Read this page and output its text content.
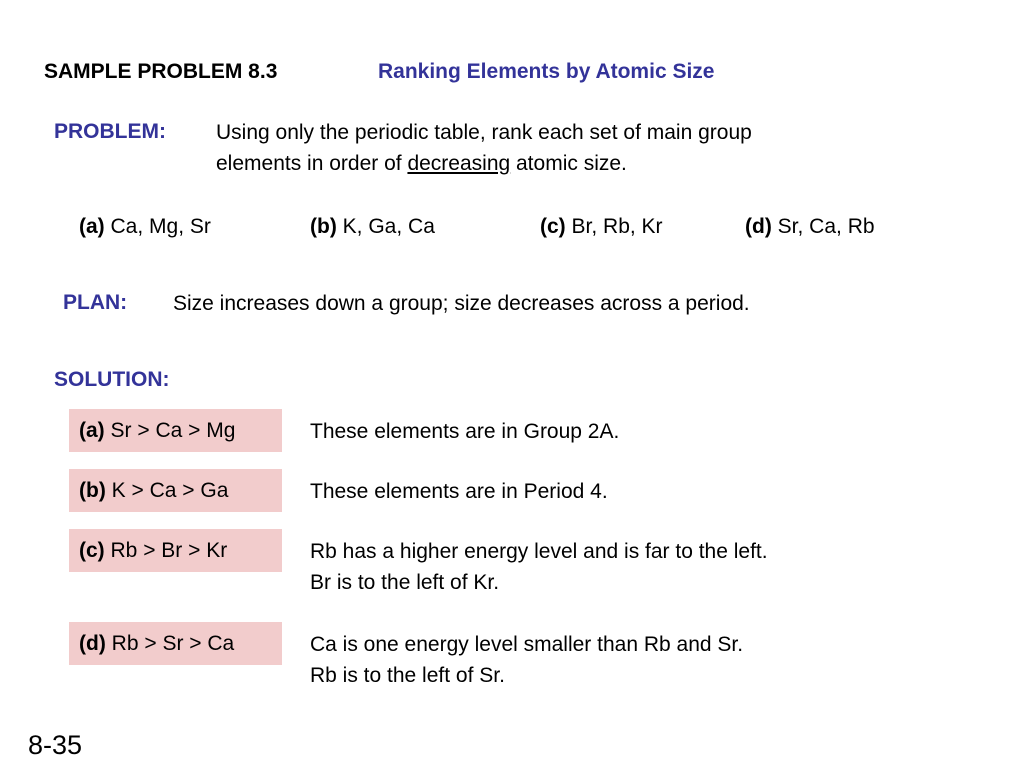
SAMPLE PROBLEM 8.3	Ranking Elements by Atomic Size
PROBLEM: Using only the periodic table, rank each set of main group
elements in order of decreasing atomic size.
(a) Ca, Mg, Sr	(b) K, Ga, Ca	(c) Br, Rb, Kr	(d) Sr, Ca, Rb
PLAN: Size increases down a group; size decreases across a period.
SOLUTION:
(a) Sr > Ca > Mg	These elements are in Group 2A.
(b) K > Ca > Ga	These elements are in Period 4.
(c) Rb > Br > Kr	Rb has a higher energy level and is far to the left.
Br is to the left of Kr.
(d) Rb > Sr > Ca	Ca is one energy level smaller than Rb and Sr.
Rb is to the left of Sr.
8-35
